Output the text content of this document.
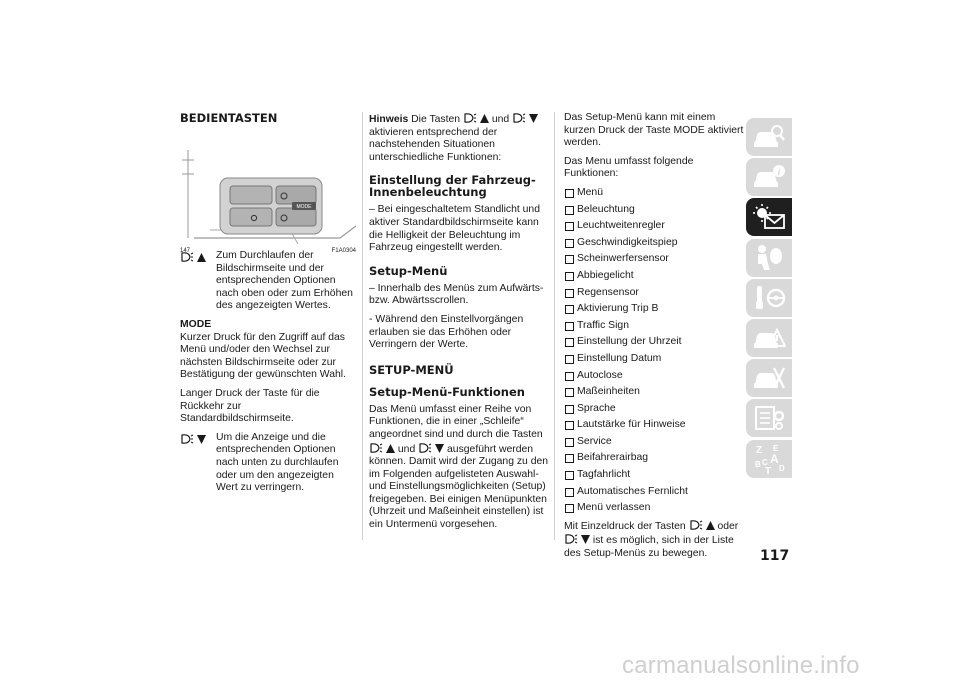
BEDIENTASTEN
MODE
147	F1A0304
Zum Durchlaufen der Bildschirmseite und der entsprechenden Optionen nach oben oder zum Erhöhen des angezeigten Wertes.

MODE

Kurzer Druck für den Zugriff auf das Menü und/oder den Wechsel zur nächsten Bildschirmseite oder zur Bestätigung der gewünschten Wahl.

Langer Druck der Taste für die Rückkehr zur Standardbildschirmseite.

Um die Anzeige und die entsprechenden Optionen nach unten zu durchlaufen oder um den angezeigten Wert zu verringern.

Hinweis Die Tasten	und  aktivieren entsprechend der nachstehenden Situationen unterschiedliche Funktionen:

Einstellung der Fahrzeug-Innenbeleuchtung

– Bei eingeschaltetem Standlicht und aktiver Standardbildschirmseite kann die Helligkeit der Beleuchtung im Fahrzeug eingestellt werden.

Setup-Menü

– Innerhalb des Menüs zum Aufwärts- bzw. Abwärtsscrollen.

- Während den Einstellvorgängen erlauben sie das Erhöhen oder Verringern der Werte.

SETUP-MENÜ
Setup-Menü-Funktionen

Das Menü umfasst einer Reihe von Funktionen, die in einer „Schleife“ angeordnet sind und durch die Tasten  und	ausgeführt werden können. Damit wird der Zugang zu den im Folgenden aufgelisteten Auswahl- und Einstellungsmöglichkeiten (Setup) freigegeben. Bei einigen Menüpunkten (Uhrzeit und Maßeinheit einstellen) ist ein Untermenü vorgesehen.

Das Setup-Menü kann mit einem kurzen Druck der Taste MODE aktiviert werden.

Das Menu umfasst folgende Funktionen:

Menü
Beleuchtung
Leuchtweitenregler
Geschwindigkeitspiep
Scheinwerfersensor
Abbiegelicht
Regensensor
Aktivierung Trip B
Traffic Sign
Einstellung der Uhrzeit
Einstellung Datum
Autoclose
Maßeinheiten
Sprache
Lautstärke für Hinweise
Service
Beifahrerairbag
Tagfahrlicht
Automatisches Fernlicht
Menü verlassen

Mit Einzeldruck der Tasten	oder  ist es möglich, sich in der Liste des Setup-Menüs zu bewegen.

i
Z E
A
B C
T D
117
carmanualsonline.info
